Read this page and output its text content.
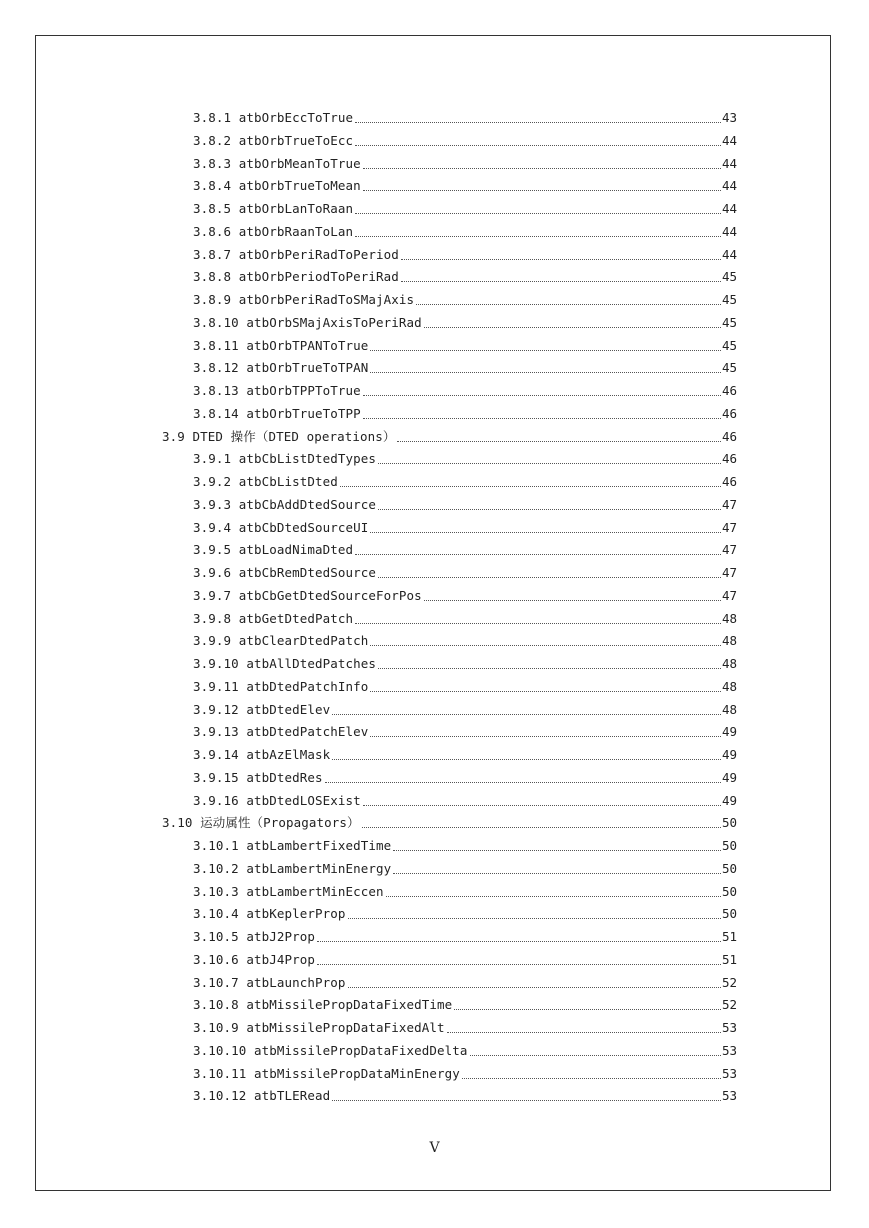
3.8.1 atbOrbEccToTrue	43
3.8.2 atbOrbTrueToEcc	44
3.8.3 atbOrbMeanToTrue	44
3.8.4 atbOrbTrueToMean	44
3.8.5 atbOrbLanToRaan	44
3.8.6 atbOrbRaanToLan	44
3.8.7 atbOrbPeriRadToPeriod	44
3.8.8 atbOrbPeriodToPeriRad	45
3.8.9 atbOrbPeriRadToSMajAxis	45
3.8.10 atbOrbSMajAxisToPeriRad	45
3.8.11 atbOrbTPANToTrue	45
3.8.12 atbOrbTrueToTPAN	45
3.8.13 atbOrbTPPToTrue	46
3.8.14 atbOrbTrueToTPP	46
3.9 DTED 操作（DTED operations）	46
3.9.1 atbCbListDtedTypes	46
3.9.2 atbCbListDted	46
3.9.3 atbCbAddDtedSource	47
3.9.4 atbCbDtedSourceUI	47
3.9.5 atbLoadNimaDted	47
3.9.6 atbCbRemDtedSource	47
3.9.7 atbCbGetDtedSourceForPos	47
3.9.8 atbGetDtedPatch	48
3.9.9 atbClearDtedPatch	48
3.9.10 atbAllDtedPatches	48
3.9.11 atbDtedPatchInfo	48
3.9.12 atbDtedElev	48
3.9.13 atbDtedPatchElev	49
3.9.14 atbAzElMask	49
3.9.15 atbDtedRes	49
3.9.16 atbDtedLOSExist	49
3.10 运动属性（Propagators）	50
3.10.1 atbLambertFixedTime	50
3.10.2 atbLambertMinEnergy	50
3.10.3 atbLambertMinEccen	50
3.10.4 atbKeplerProp	50
3.10.5 atbJ2Prop	51
3.10.6 atbJ4Prop	51
3.10.7 atbLaunchProp	52
3.10.8 atbMissilePropDataFixedTime	52
3.10.9 atbMissilePropDataFixedAlt	53
3.10.10 atbMissilePropDataFixedDelta	53
3.10.11 atbMissilePropDataMinEnergy	53
3.10.12 atbTLERead	53
V
